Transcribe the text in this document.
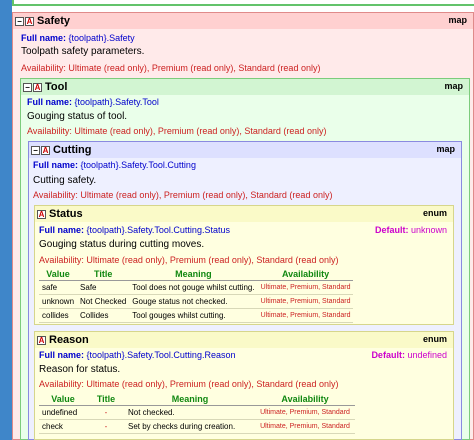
− A Safety	map
Full name: {toolpath}.Safety
Toolpath safety parameters.
Availability: Ultimate (read only), Premium (read only), Standard (read only)
− A Tool	map
Full name: {toolpath}.Safety.Tool
Gouging status of tool.
Availability: Ultimate (read only), Premium (read only), Standard (read only)
− A Cutting	map
Full name: {toolpath}.Safety.Tool.Cutting
Cutting safety.
Availability: Ultimate (read only), Premium (read only), Standard (read only)
A Status	enum
Full name: {toolpath}.Safety.Tool.Cutting.Status	Default: unknown
Gouging status during cutting moves.
Availability: Ultimate (read only), Premium (read only), Standard (read only)
Value	Title	Meaning	Availability
safe	Safe	Tool does not gouge whilst cutting.	Ultimate, Premium, Standard
unknown	Not Checked	Gouge status not checked.	Ultimate, Premium, Standard
collides	Collides	Tool gouges whilst cutting.	Ultimate, Premium, Standard
A Reason	enum
Full name: {toolpath}.Safety.Tool.Cutting.Reason	Default: undefined
Reason for status.
Availability: Ultimate (read only), Premium (read only), Standard (read only)
Value	Title	Meaning	Availability
undefined	-	Not checked.	Ultimate, Premium, Standard
check	-	Set by checks during creation.	Ultimate, Premium, Standard
